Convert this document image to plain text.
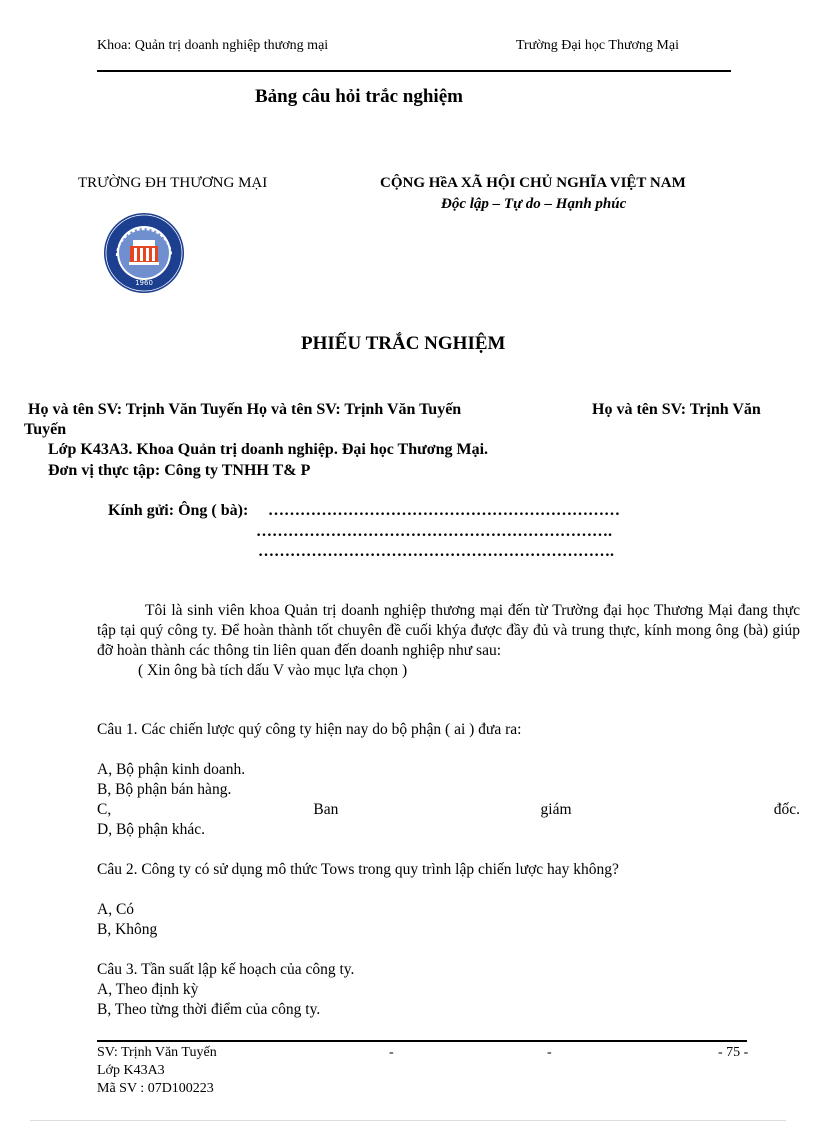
Khoa: Quản trị doanh nghiệp thương mại	Trường Đại học Thương Mại
Bảng câu hỏi trắc nghiệm
TRƯỜNG ĐH THƯƠNG MẠI	CỘNG HềA XÃ HỘI CHỦ NGHĨA VIỆT NAM
Độc lập – Tự do – Hạnh phúc
1960
PHIẾU TRẮC NGHIỆM
Họ và tên SV: Trịnh Văn Tuyến Họ và tên SV: Trịnh Văn Tuyến	Họ và tên SV: Trịnh Văn
Tuyến
Lớp K43A3. Khoa Quản trị doanh nghiệp. Đại học Thương Mại.
Đơn vị thực tập: Công ty TNHH T& P
Kính gửi: Ông ( bà): …………………………………………………………
………………………………………………………….
………………………………………………………….
Tôi là sinh viên khoa Quản trị doanh nghiệp thương mại đến từ Trường đại học Thương Mại đang thực tập tại quý công ty. Để hoàn thành tốt chuyên đề cuối khýa được đầy đủ và trung thực, kính mong ông (bà) giúp đỡ hoàn thành các thông tin liên quan đến doanh nghiệp như sau:
( Xin ông bà tích dấu V vào mục lựa chọn )
Câu 1. Các chiến lược quý công ty hiện nay do bộ phận ( ai ) đưa ra:
A, Bộ phận kinh doanh.
B, Bộ phận bán hàng.
C,	Ban	giám	đốc.
D, Bộ phận khác.
Câu 2. Công ty có sử dụng mô thức Tows trong quy trình lập chiến lược hay không?
A, Có
B, Không
Câu 3. Tần suất lập kế hoạch của công ty.
A, Theo định kỳ
B, Theo từng thời điểm của công ty.
SV: Trịnh Văn Tuyến	-	-	- 75 -
Lớp K43A3
Mã SV : 07D100223
